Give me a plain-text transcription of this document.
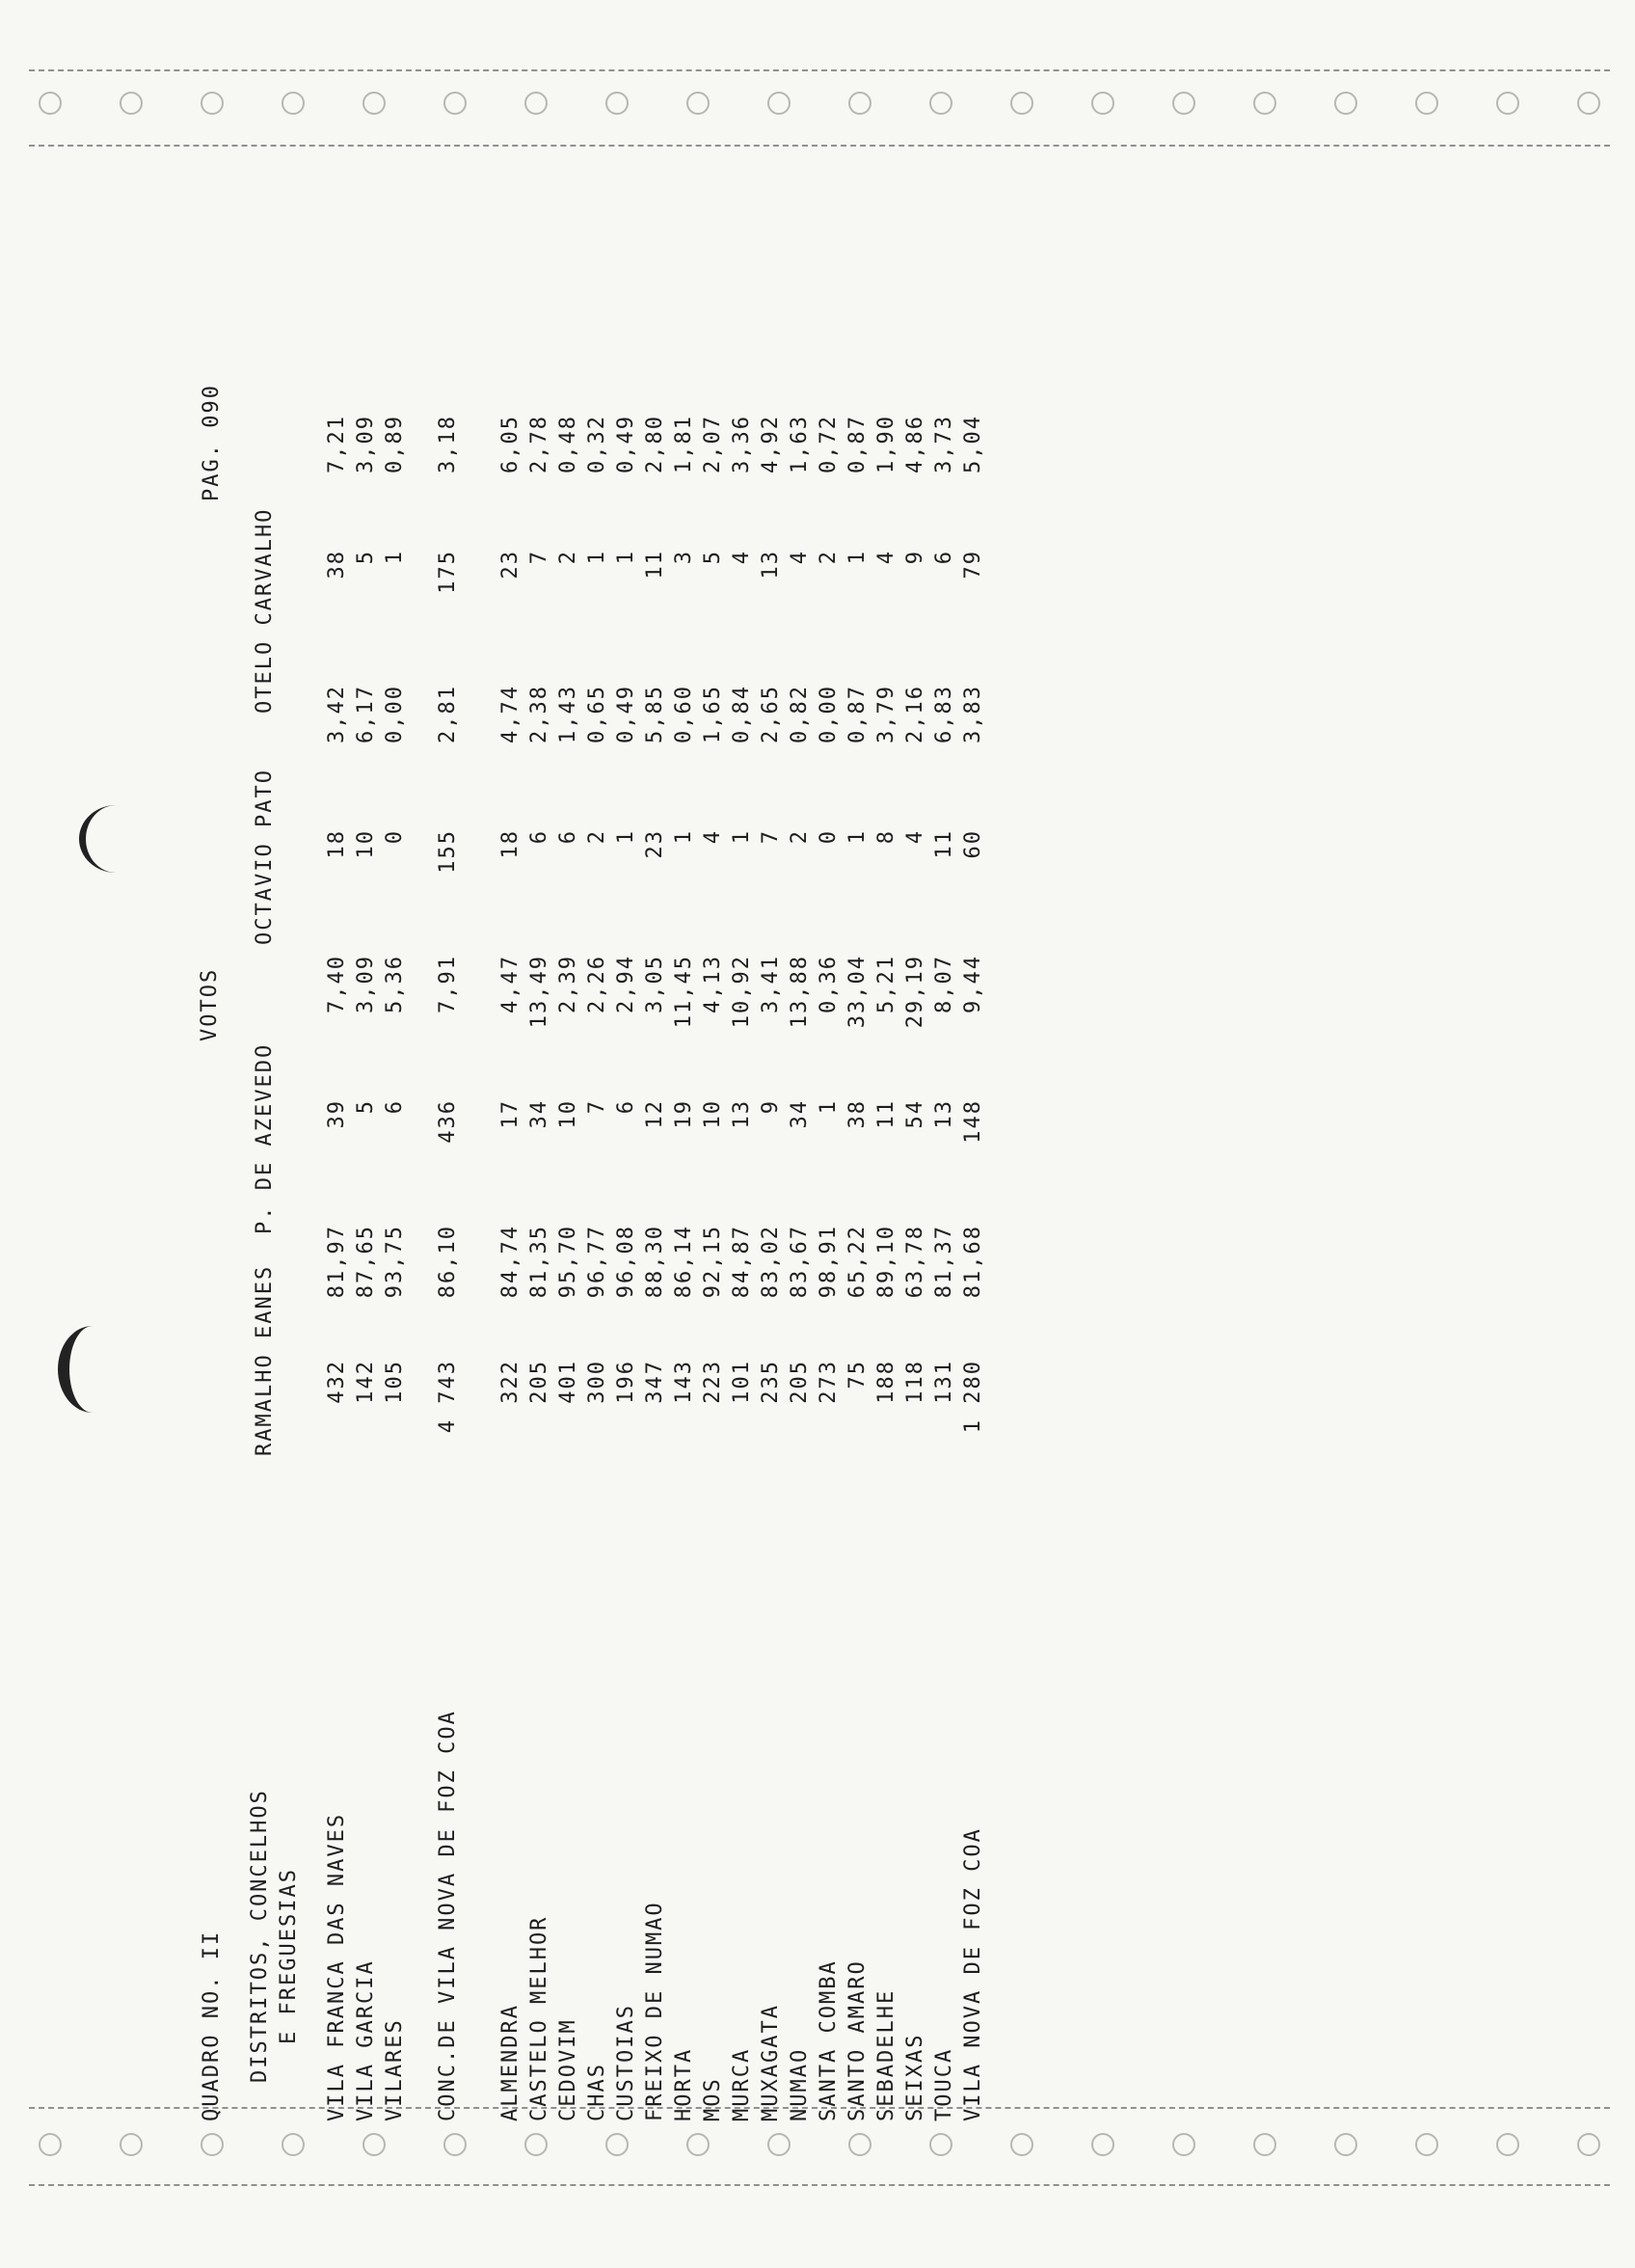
QUADRO NO. II
PAG. 090
DISTRITOS, CONCELHOS E FREGUESIAS
VOTOS
RAMALHO EANES
P. DE AZEVEDO
OCTAVIO PATO
OTELO CARVALHO
VILA FRANCA DAS NAVES
432
81,97
39
7,40
18
3,42
38
7,21
VILA GARCIA
142
87,65
5
3,09
10
6,17
5
3,09
VILARES
105
93,75
6
5,36
0
0,00
1
0,89
CONC.DE VILA NOVA DE FOZ COA
4 743
86,10
436
7,91
155
2,81
175
3,18
ALMENDRA
322
84,74
17
4,47
18
4,74
23
6,05
CASTELO MELHOR
205
81,35
34
13,49
6
2,38
7
2,78
CEDOVIM
401
95,70
10
2,39
6
1,43
2
0,48
CHAS
300
96,77
7
2,26
2
0,65
1
0,32
CUSTOIAS
196
96,08
6
2,94
1
0,49
1
0,49
FREIXO DE NUMAO
347
88,30
12
3,05
23
5,85
11
2,80
HORTA
143
86,14
19
11,45
1
0,60
3
1,81
MOS
223
92,15
10
4,13
4
1,65
5
2,07
MURCA
101
84,87
13
10,92
1
0,84
4
3,36
MUXAGATA
235
83,02
9
3,41
7
2,65
13
4,92
NUMAO
205
83,67
34
13,88
2
0,82
4
1,63
SANTA COMBA
273
98,91
1
0,36
0
0,00
2
0,72
SANTO AMARO
75
65,22
38
33,04
1
0,87
1
0,87
SEBADELHE
188
89,10
11
5,21
8
3,79
4
1,90
SEIXAS
118
63,78
54
29,19
4
2,16
9
4,86
TOUCA
131
81,37
13
8,07
11
6,83
6
3,73
VILA NOVA DE FOZ COA
1 280
81,68
148
9,44
60
3,83
79
5,04
